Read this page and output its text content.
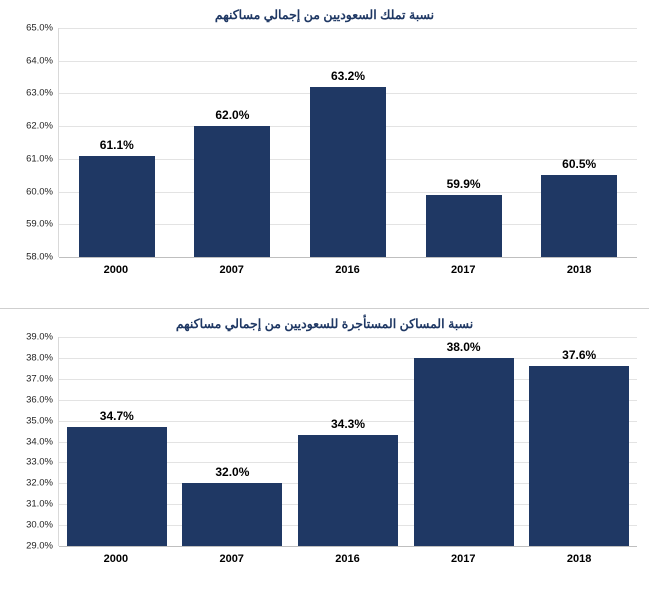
نسبة تملك السعوديين من إجمالي مساكنهم
58.0%
59.0%
60.0%
61.0%
62.0%
63.0%
64.0%
65.0%
61.1%
62.0%
63.2%
59.9%
60.5%
2000	2007	2016	2017	2018
نسبة المساكن المستأجرة للسعوديين من إجمالي مساكنهم
29.0%
30.0%
31.0%
32.0%
33.0%
34.0%
35.0%
36.0%
37.0%
38.0%
39.0%
34.7%
32.0%
34.3%
38.0%
37.6%
2000	2007	2016	2017	2018
